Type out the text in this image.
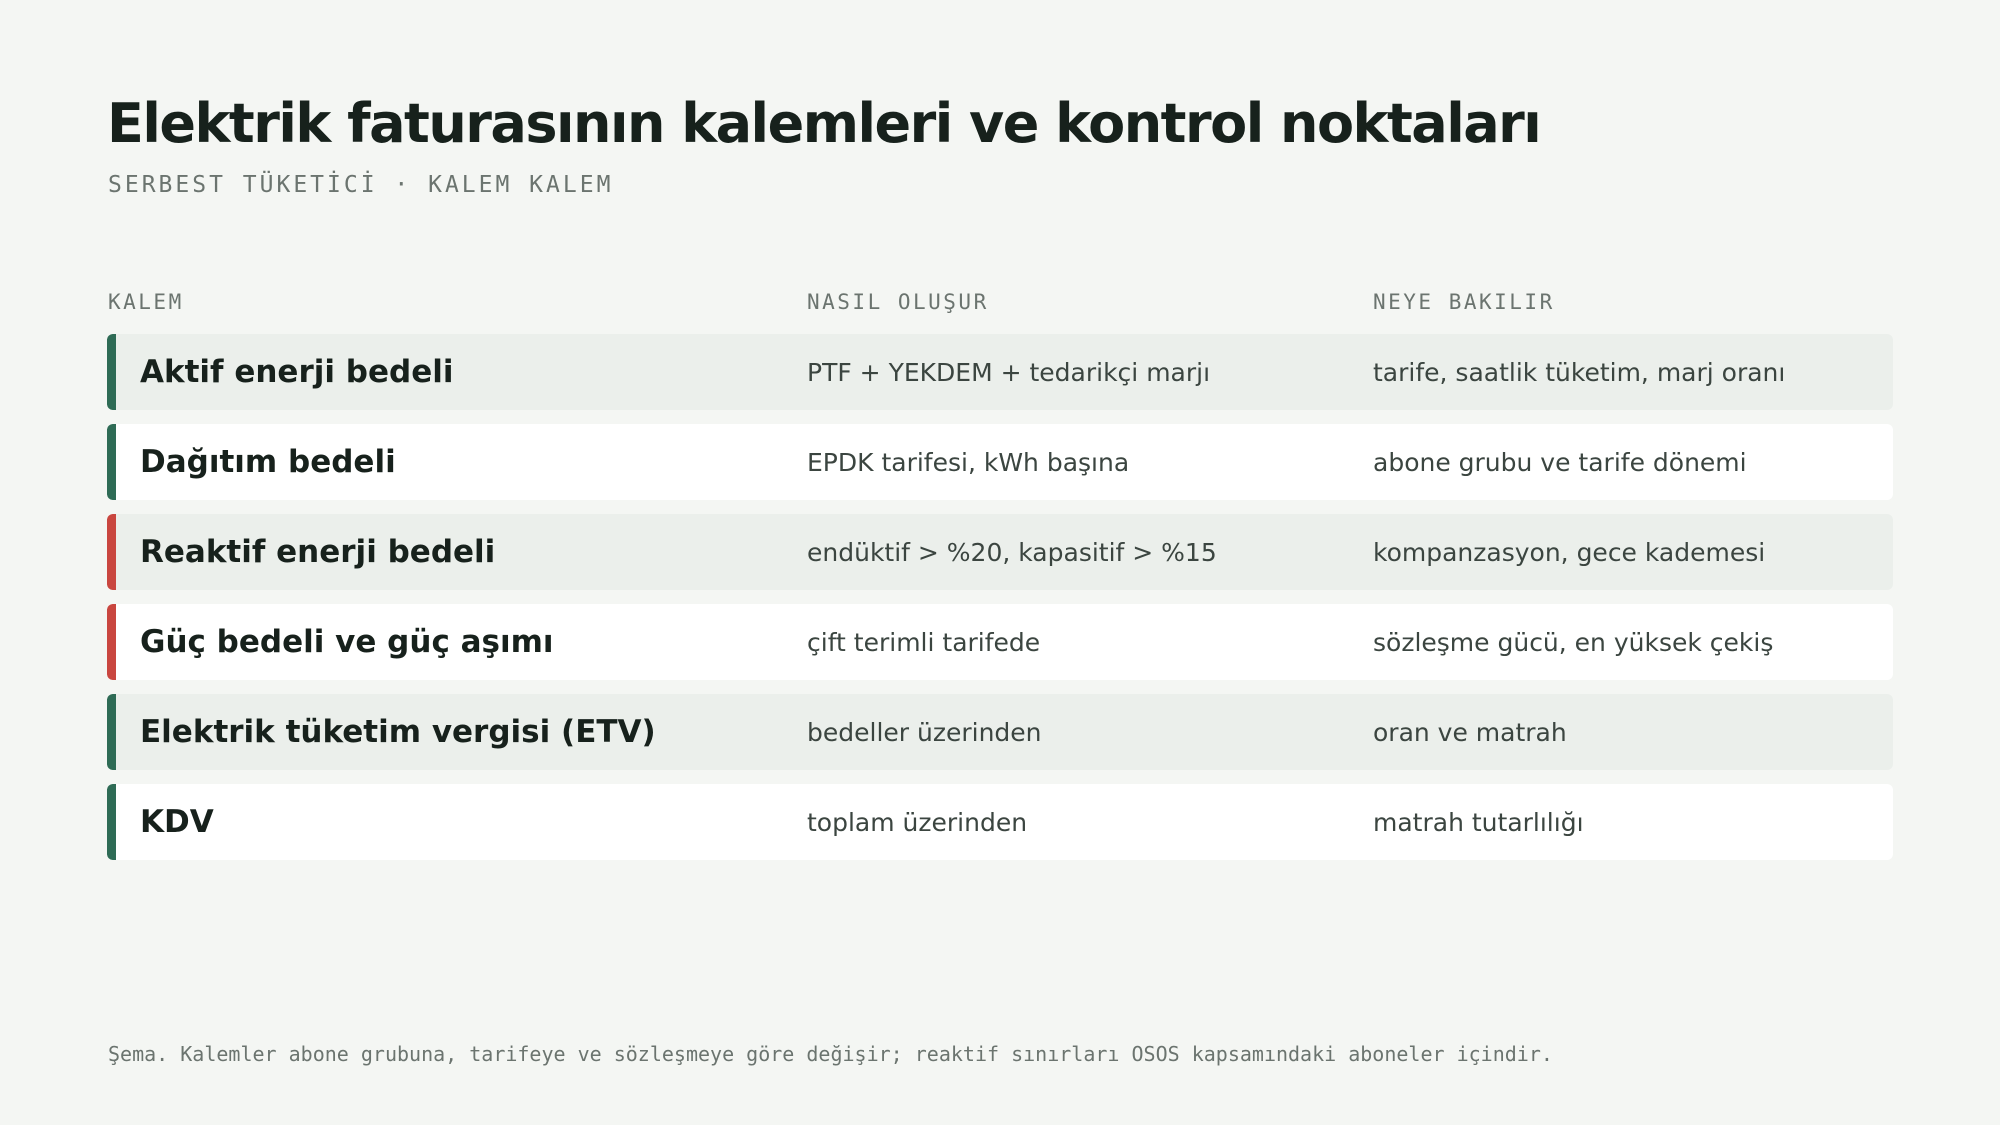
Elektrik faturasının kalemleri ve kontrol noktaları
SERBEST TÜKETİCİ · KALEM KALEM
KALEM	NASIL OLUŞUR	NEYE BAKILIR
Aktif enerji bedeli	PTF + YEKDEM + tedarikçi marjı	tarife, saatlik tüketim, marj oranı
Dağıtım bedeli	EPDK tarifesi, kWh başına	abone grubu ve tarife dönemi
Reaktif enerji bedeli	endüktif > %20, kapasitif > %15	kompanzasyon, gece kademesi
Güç bedeli ve güç aşımı	çift terimli tarifede	sözleşme gücü, en yüksek çekiş
Elektrik tüketim vergisi (ETV)	bedeller üzerinden	oran ve matrah
KDV	toplam üzerinden	matrah tutarlılığı
Şema. Kalemler abone grubuna, tarifeye ve sözleşmeye göre değişir; reaktif sınırları OSOS kapsamındaki aboneler içindir.
